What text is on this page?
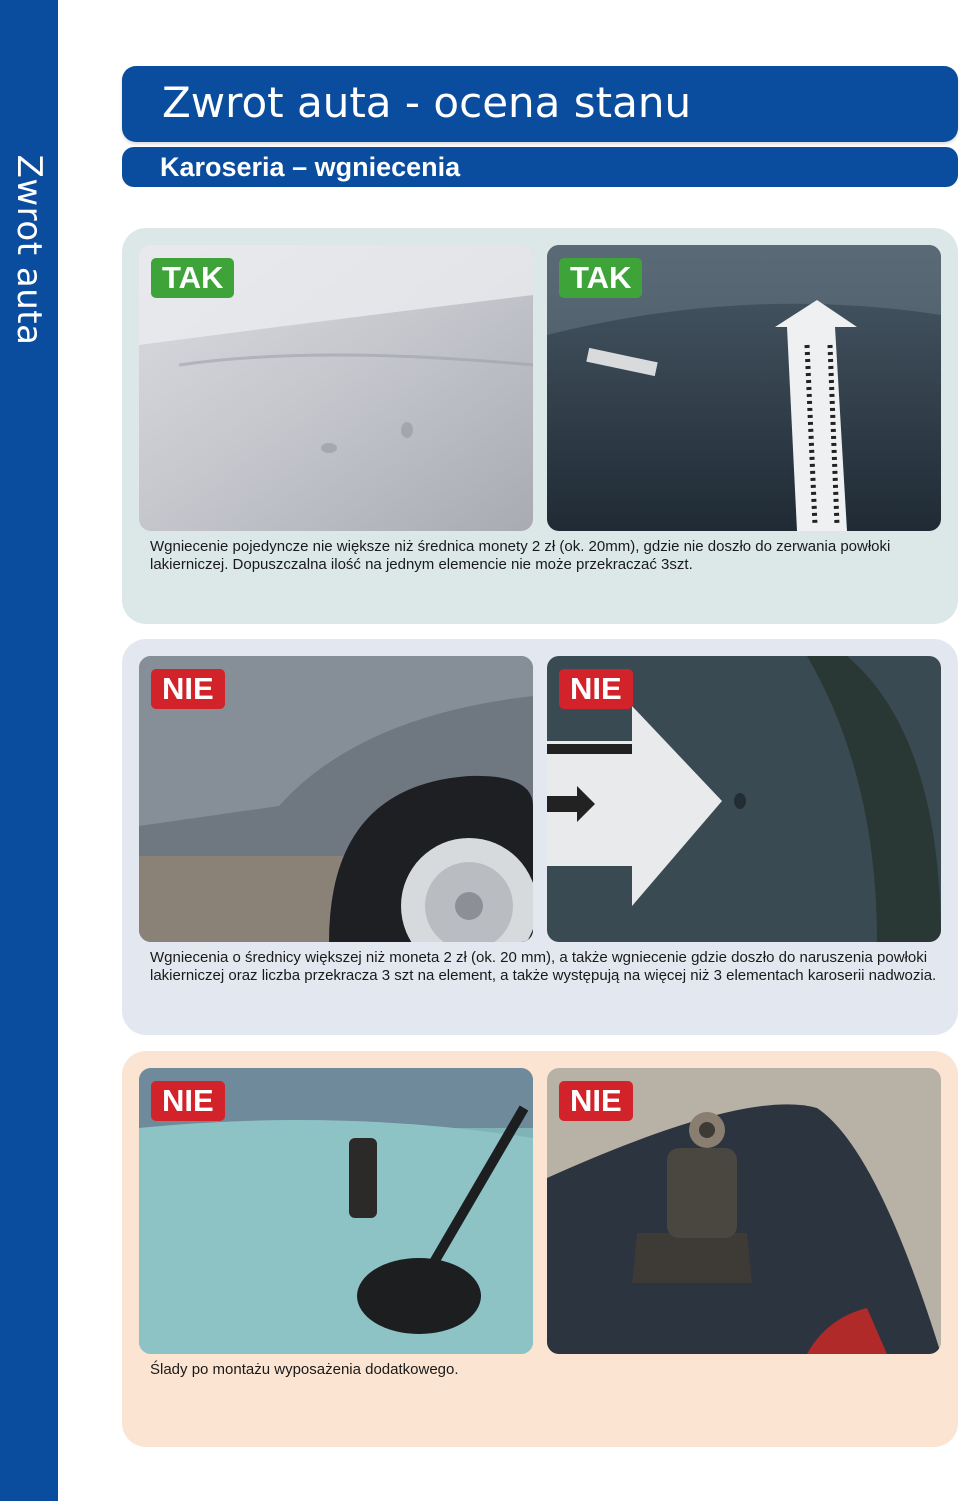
Zwrot auta
Zwrot auta - ocena stanu
Karoseria – wgniecenia
TAK	TAK
Wgniecenie pojedyncze nie większe niż średnica monety 2 zł (ok. 20mm), gdzie nie doszło do zerwania powłoki lakierniczej. Dopuszczalna ilość na jednym elemencie nie może przekraczać 3szt.
NIE	NIE
Wgniecenia o średnicy większej niż moneta 2 zł (ok. 20 mm), a także wgniecenie gdzie doszło do naruszenia powłoki lakierniczej oraz liczba przekracza 3 szt na element, a także występują na więcej niż 3 elementach karoserii nadwozia.
NIE	NIE
Ślady po montażu wyposażenia dodatkowego.
